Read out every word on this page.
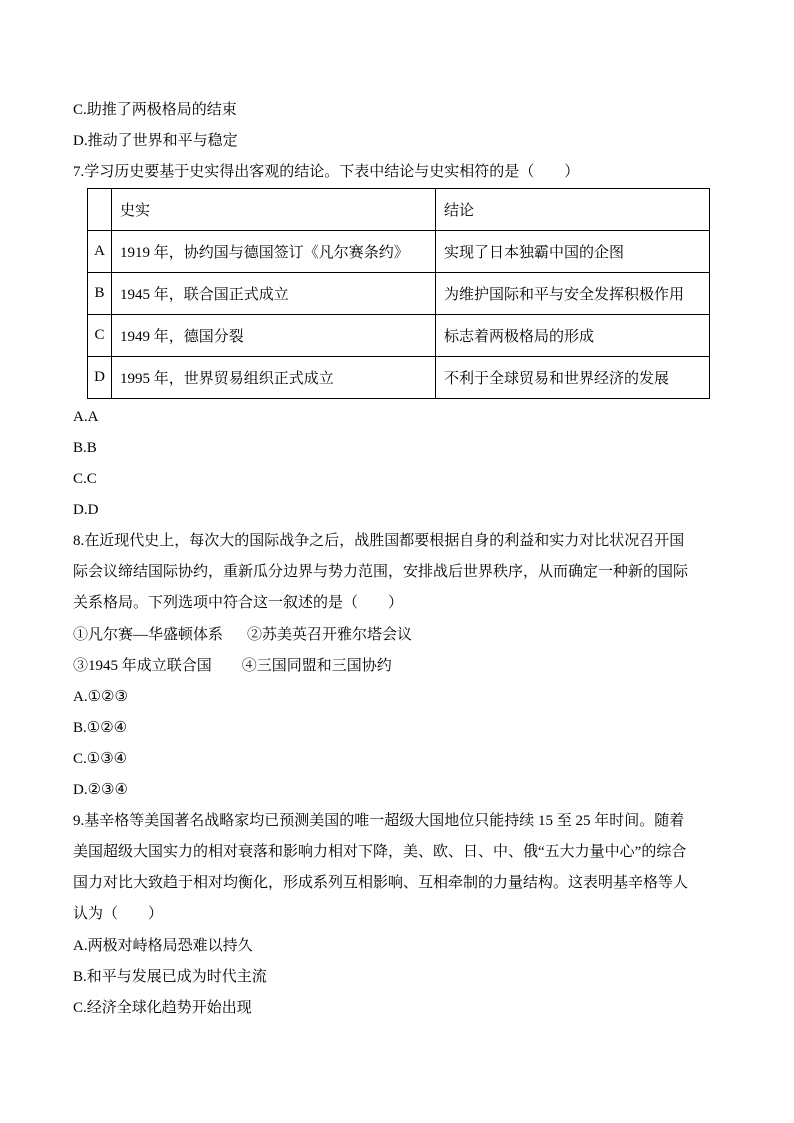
C.助推了两极格局的结束
D.推动了世界和平与稳定
7.学习历史要基于史实得出客观的结论。下表中结论与史实相符的是（　　）
	史实	结论
A	1919 年，协约国与德国签订《凡尔赛条约》	实现了日本独霸中国的企图
B	1945 年，联合国正式成立	为维护国际和平与安全发挥积极作用
C	1949 年，德国分裂	标志着两极格局的形成
D	1995 年，世界贸易组织正式成立	不利于全球贸易和世界经济的发展
A.A
B.B
C.C
D.D
8.在近现代史上，每次大的国际战争之后，战胜国都要根据自身的利益和实力对比状况召开国
际会议缔结国际协约，重新瓜分边界与势力范围，安排战后世界秩序，从而确定一种新的国际
关系格局。下列选项中符合这一叙述的是（　　）
①凡尔赛—华盛顿体系 ②苏美英召开雅尔塔会议
③1945 年成立联合国 ④三国同盟和三国协约
A.①②③
B.①②④
C.①③④
D.②③④
9.基辛格等美国著名战略家均已预测美国的唯一超级大国地位只能持续 15 至 25 年时间。随着
美国超级大国实力的相对衰落和影响力相对下降，美、欧、日、中、俄“五大力量中心”的综合
国力对比大致趋于相对均衡化，形成系列互相影响、互相牵制的力量结构。这表明基辛格等人
认为（　　）
A.两极对峙格局恐难以持久
B.和平与发展已成为时代主流
C.经济全球化趋势开始出现
